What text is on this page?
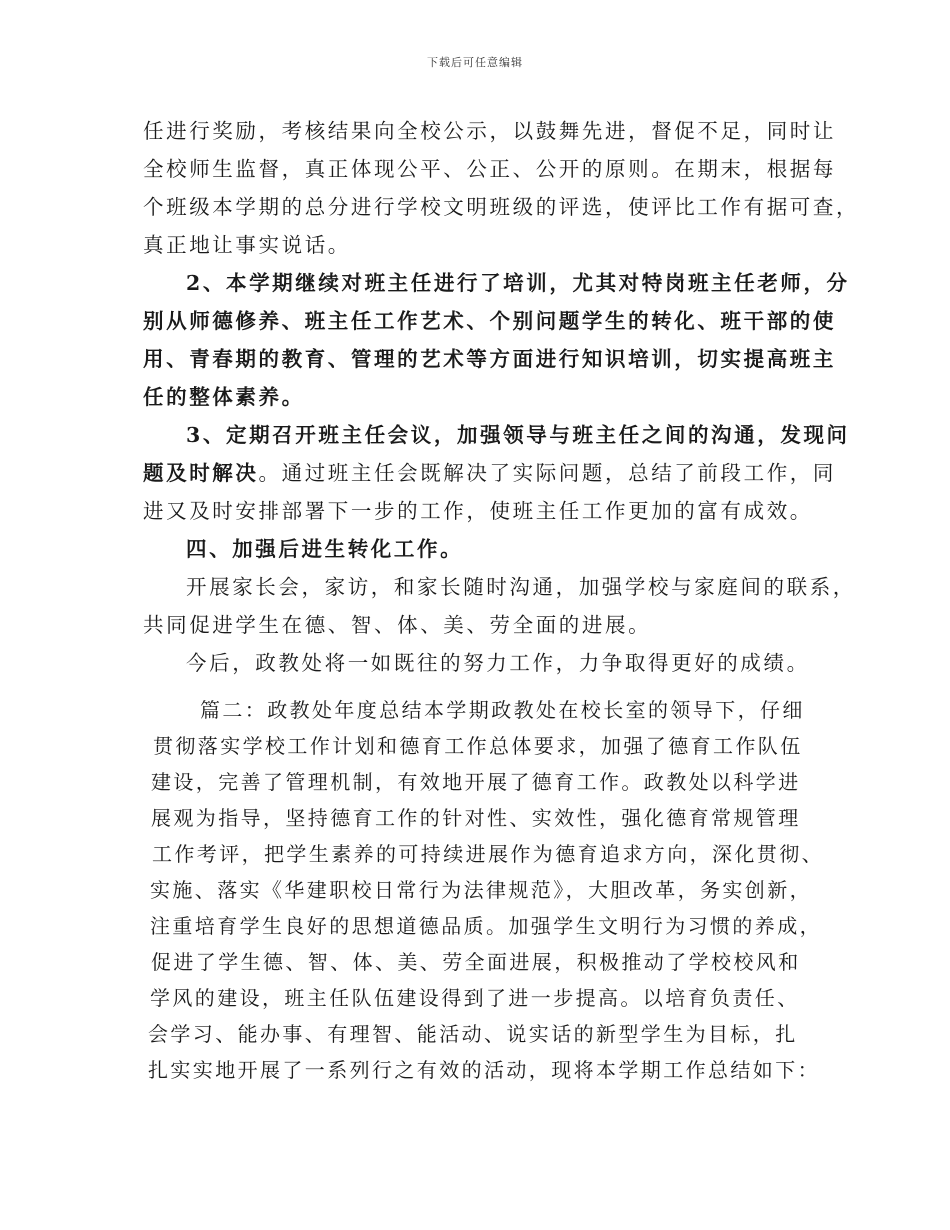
下载后可任意编辑
任进行奖励，考核结果向全校公示，以鼓舞先进，督促不足，同时让
全校师生监督，真正体现公平、公正、公开的原则。在期末，根据每
个班级本学期的总分进行学校文明班级的评选，使评比工作有据可查，
真正地让事实说话。
2、本学期继续对班主任进行了培训，尤其对特岗班主任老师，分
别从师德修养、班主任工作艺术、个别问题学生的转化、班干部的使
用、青春期的教育、管理的艺术等方面进行知识培训，切实提高班主
任的整体素养。
3、定期召开班主任会议，加强领导与班主任之间的沟通，发现问
题及时解决。通过班主任会既解决了实际问题，总结了前段工作，同
进又及时安排部署下一步的工作，使班主任工作更加的富有成效。
四、加强后进生转化工作。
开展家长会，家访，和家长随时沟通，加强学校与家庭间的联系，
共同促进学生在德、智、体、美、劳全面的进展。
今后，政教处将一如既往的努力工作，力争取得更好的成绩。
篇二：政教处年度总结本学期政教处在校长室的领导下，仔细
贯彻落实学校工作计划和德育工作总体要求，加强了德育工作队伍
建设，完善了管理机制，有效地开展了德育工作。政教处以科学进
展观为指导，坚持德育工作的针对性、实效性，强化德育常规管理
工作考评，把学生素养的可持续进展作为德育追求方向，深化贯彻、
实施、落实《华建职校日常行为法律规范》，大胆改革，务实创新，
注重培育学生良好的思想道德品质。加强学生文明行为习惯的养成，
促进了学生德、智、体、美、劳全面进展，积极推动了学校校风和
学风的建设，班主任队伍建设得到了进一步提高。以培育负责任、
会学习、能办事、有理智、能活动、说实话的新型学生为目标，扎
扎实实地开展了一系列行之有效的活动，现将本学期工作总结如下：
